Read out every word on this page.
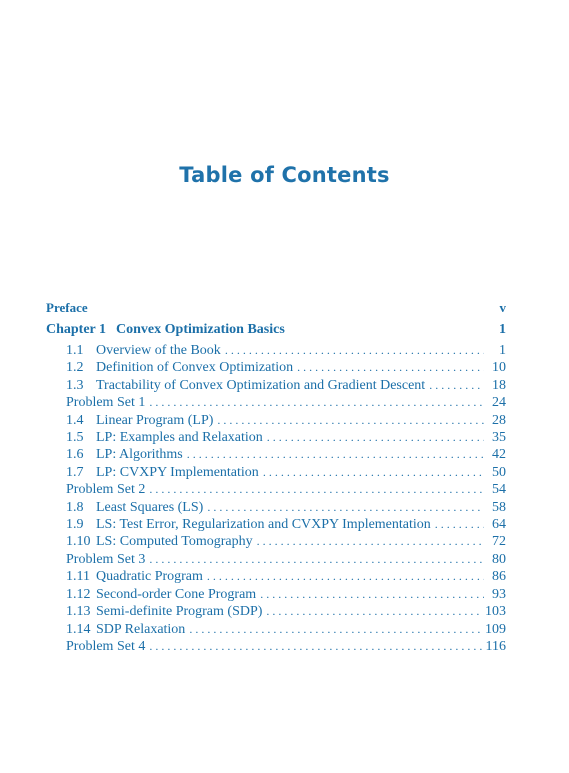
Table of Contents
Preface	v
Chapter 1 Convex Optimization Basics	1
1.1 Overview of the Book . . .	1
1.2 Definition of Convex Optimization . . .	10
1.3 Tractability of Convex Optimization and Gradient Descent . . .	18
Problem Set 1 . . .	24
1.4 Linear Program (LP) . . .	28
1.5 LP: Examples and Relaxation . . .	35
1.6 LP: Algorithms . . .	42
1.7 LP: CVXPY Implementation . . .	50
Problem Set 2 . . .	54
1.8 Least Squares (LS) . . .	58
1.9 LS: Test Error, Regularization and CVXPY Implementation . . .	64
1.10 LS: Computed Tomography . . .	72
Problem Set 3 . . .	80
1.11 Quadratic Program . . .	86
1.12 Second-order Cone Program . . .	93
1.13 Semi-definite Program (SDP) . . .	103
1.14 SDP Relaxation . . .	109
Problem Set 4 . . .	116
